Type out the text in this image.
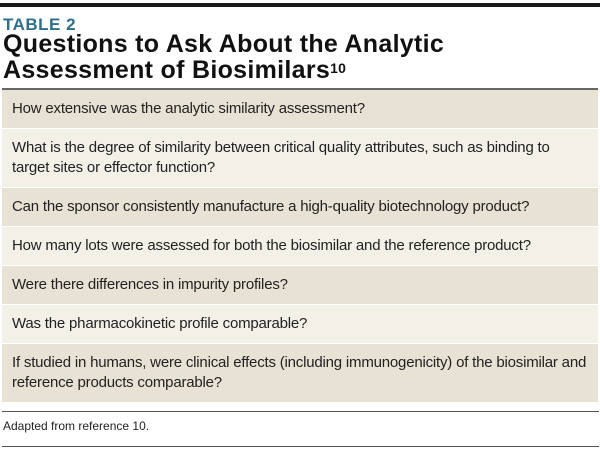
TABLE 2
Questions to Ask About the Analytic Assessment of Biosimilars$^{10}$
How extensive was the analytic similarity assessment?
What is the degree of similarity between critical quality attributes, such as binding to target sites or effector function?
Can the sponsor consistently manufacture a high-quality biotechnology product?
How many lots were assessed for both the biosimilar and the reference product?
Were there differences in impurity profiles?
Was the pharmacokinetic profile comparable?
If studied in humans, were clinical effects (including immunogenicity) of the biosimilar and reference products comparable?
Adapted from reference 10.
